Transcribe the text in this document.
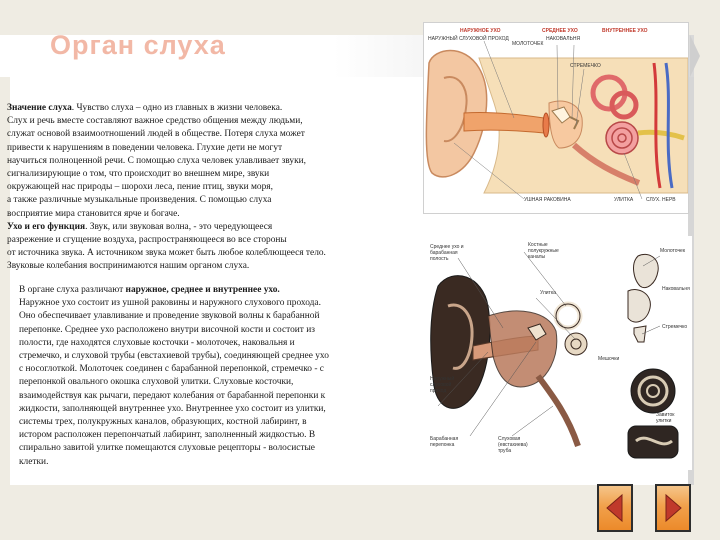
Орган слуха

Значение слуха. Чувство слуха – одно из главных в жизни человека.
Слух и речь вместе составляют важное средство общения между людьми,
служат основой взаимоотношений людей в обществе. Потеря слуха может
привести к нарушениям в поведении человека. Глухие дети не могут
научиться полноценной речи. С помощью слуха человек улавливает звуки,
сигнализирующие о том, что происходит во внешнем мире, звуки
окружающей нас природы – шорохи леса, пение птиц, звуки моря,
а также различные музыкальные произведения. С помощью слуха
восприятие мира становится ярче и богаче.
Ухо и его функция. Звук, или звуковая волна, - это чередующееся
разрежение и сгущение воздуха, распространяющееся во все стороны
от источника звука. А источником звука может быть любое колеблющееся тело.
Звуковые колебания воспринимаются нашим органом слуха.

В органе слуха различают наружное, среднее и внутреннее ухо.
Наружное ухо состоит из ушной раковины и наружного слухового прохода.
Оно обеспечивает улавливание и проведение звуковой волны к барабанной
перепонке. Среднее ухо расположено внутри височной кости и состоит из
полости, где находятся слуховые косточки - молоточек, наковальня и
стремечко, и слуховой трубы (евстахиевой трубы), соединяющей среднее ухо
с носоглоткой. Молоточек соединен с барабанной перепонкой, стремечко - с
перепонкой овального окошка слуховой улитки. Слуховые косточки,
взаимодействуя как рычаги, передают колебания от барабанной перепонки к
жидкости, заполняющей внутреннее ухо. Внутреннее ухо состоит из улитки,
системы трех, полукружных каналов, образующих, костной лабиринт, в
истором расположен перепончатый лабиринт, заполненный жидкостью. В
спирально завитой улитке помещаются слуховые рецепторы - волосистые
клетки.

НАРУЖНОЕ УХО	СРЕДНЕЕ УХО	ВНУТРЕННЕЕ УХО
НАРУЖНЫЙ СЛУХОВОЙ ПРОХОД
МОЛОТОЧЕК
НАКОВАЛЬНЯ
СТРЕМЕЧКО
УШНАЯ РАКОВИНА	УЛИТКА	СЛУХ. НЕРВ
Среднее ухо и барабанная полость
Костные полукружные каналы
Улитка
Молоточек
Наковальня
Стремечко
Наружный слуховой проход
Барабанная перепонка
Слуховая (евстахиева) труба
Мешочки
Завиток улитки
